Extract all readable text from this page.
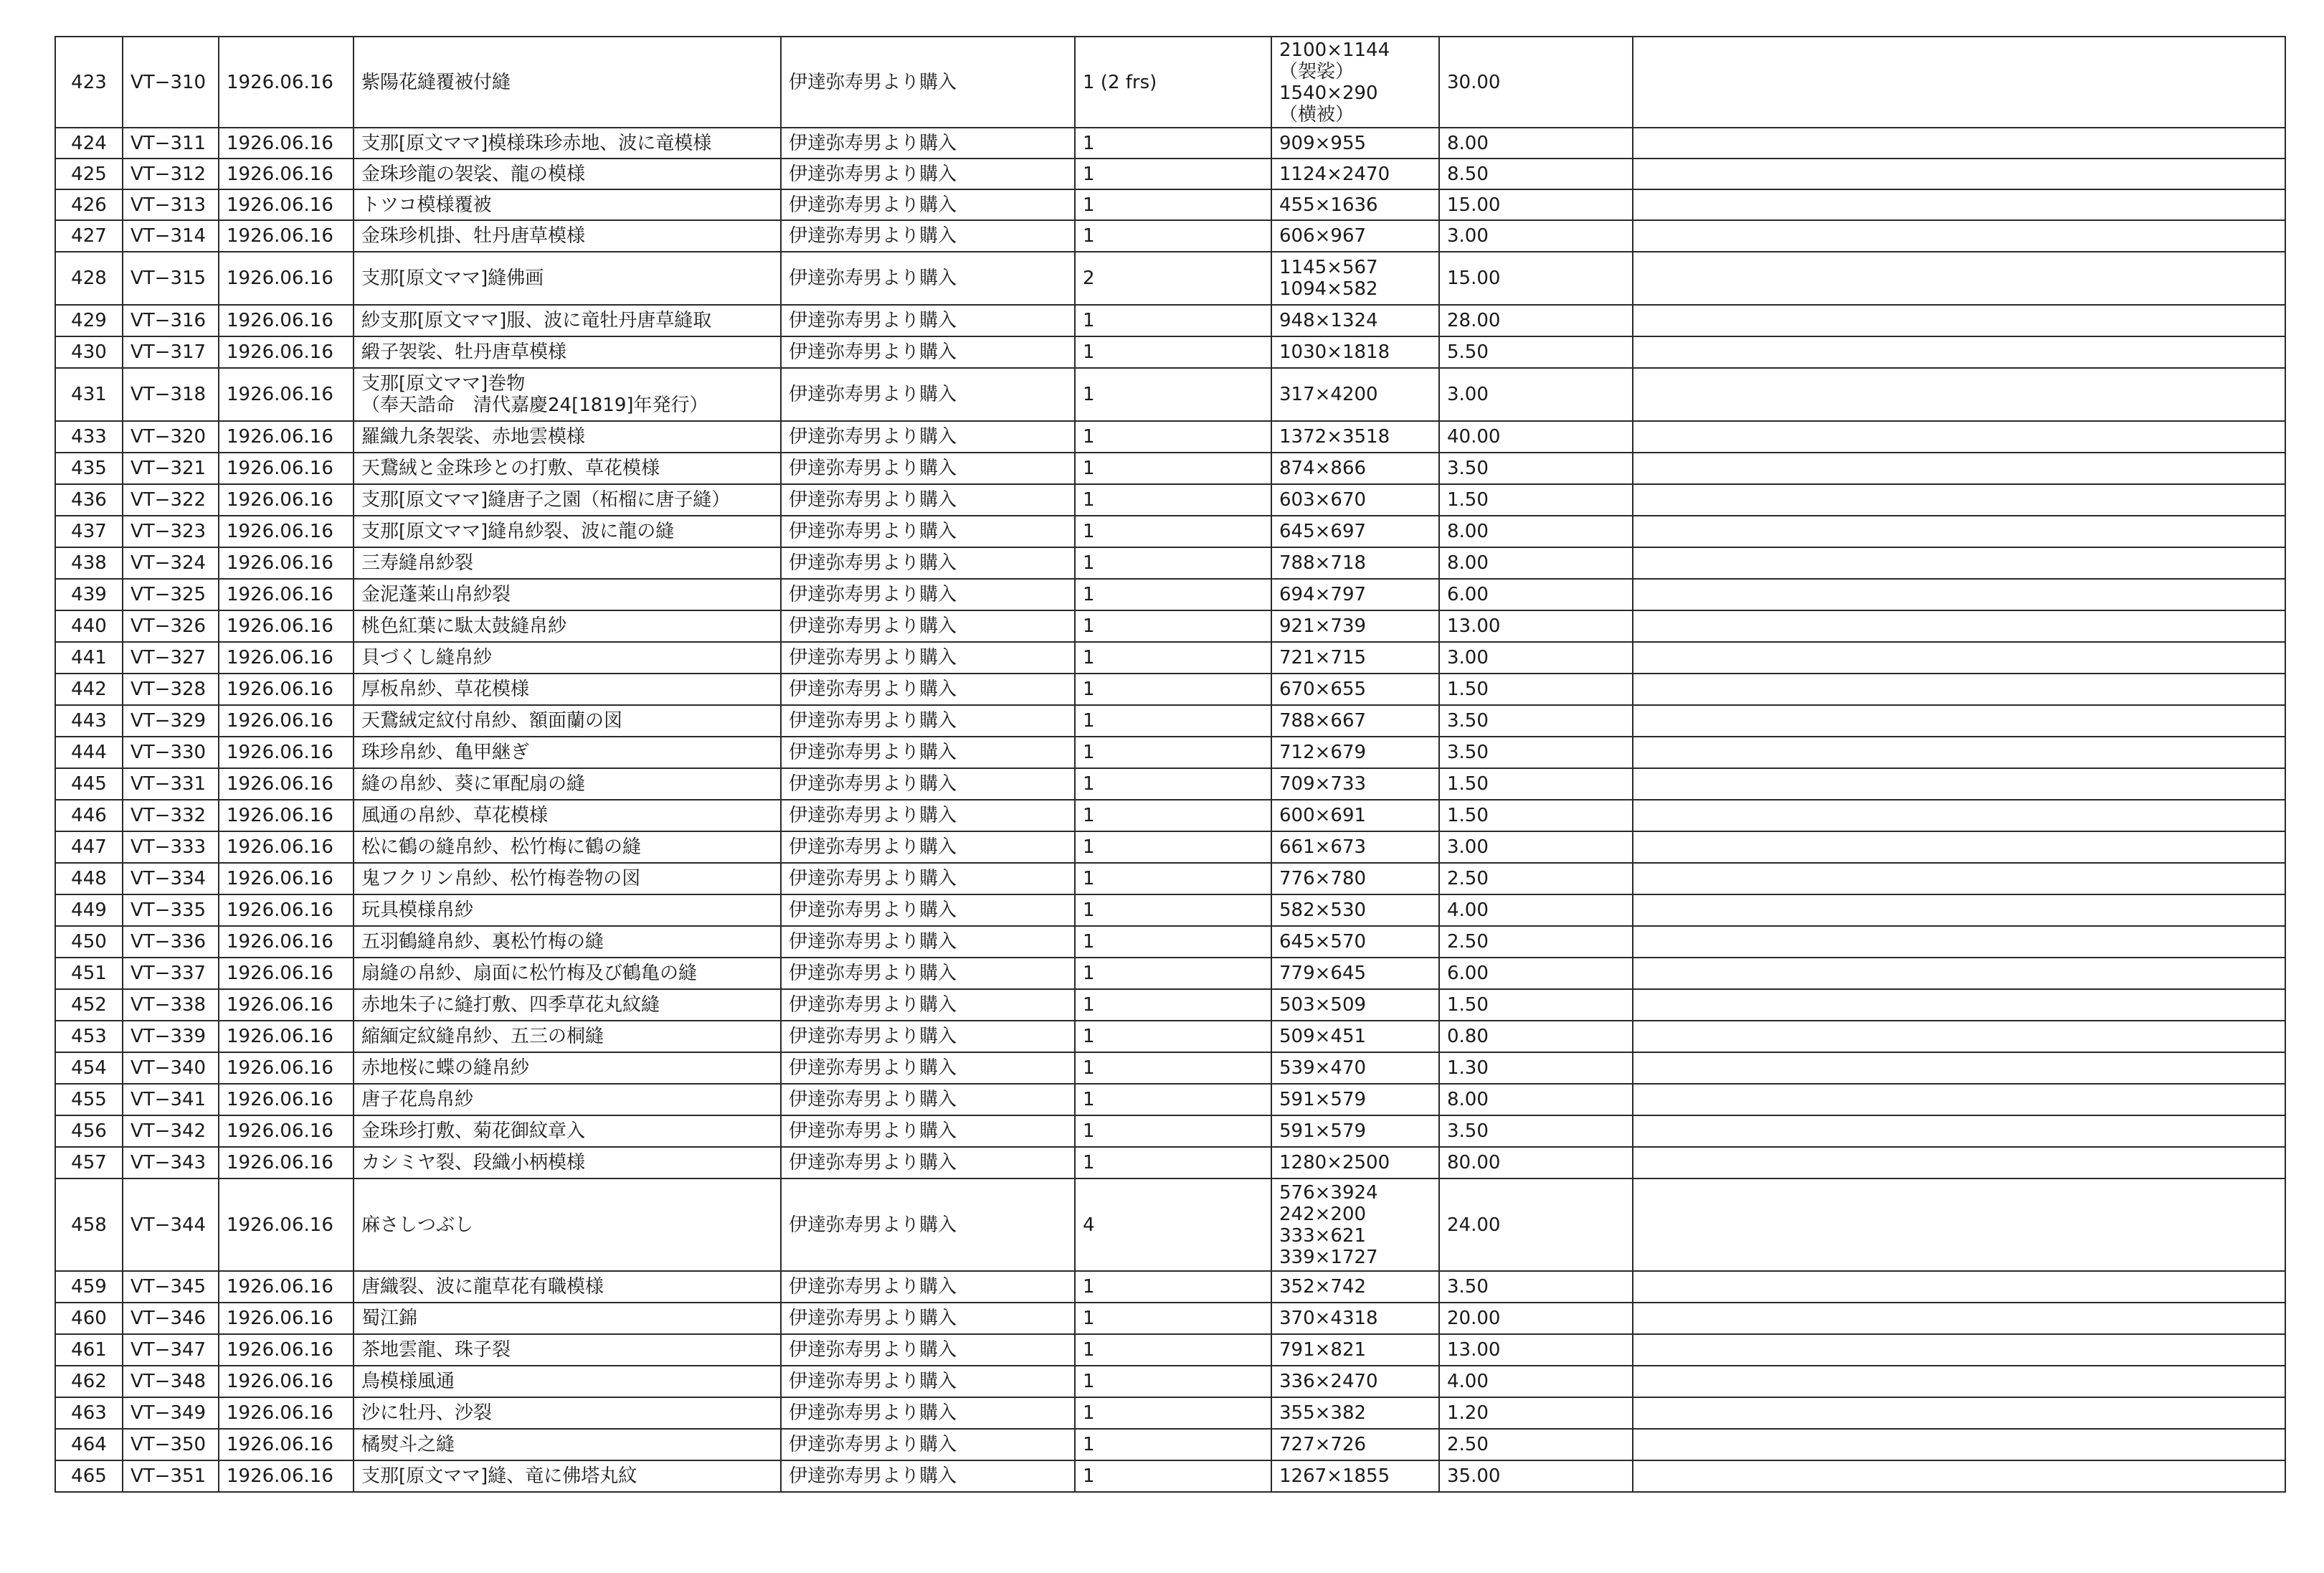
423	VT−310	1926.06.16	紫陽花縫覆被付縫	伊達弥寿男より購入	1 (2 frs)	2100×1144
（袈裟）
1540×290
（横被）	30.00	
424	VT−311	1926.06.16	支那[原文ママ]模様珠珍赤地、波に竜模様	伊達弥寿男より購入	1	909×955	8.00	
425	VT−312	1926.06.16	金珠珍龍の袈裟、龍の模様	伊達弥寿男より購入	1	1124×2470	8.50	
426	VT−313	1926.06.16	トツコ模様覆被	伊達弥寿男より購入	1	455×1636	15.00	
427	VT−314	1926.06.16	金珠珍机掛、牡丹唐草模様	伊達弥寿男より購入	1	606×967	3.00	
428	VT−315	1926.06.16	支那[原文ママ]縫佛画	伊達弥寿男より購入	2	1145×567
1094×582	15.00	
429	VT−316	1926.06.16	紗支那[原文ママ]服、波に竜牡丹唐草縫取	伊達弥寿男より購入	1	948×1324	28.00	
430	VT−317	1926.06.16	緞子袈裟、牡丹唐草模様	伊達弥寿男より購入	1	1030×1818	5.50	
431	VT−318	1926.06.16	支那[原文ママ]巻物
（奉天誥命　清代嘉慶24[1819]年発行）	伊達弥寿男より購入	1	317×4200	3.00	
433	VT−320	1926.06.16	羅織九条袈裟、赤地雲模様	伊達弥寿男より購入	1	1372×3518	40.00	
435	VT−321	1926.06.16	天鵞絨と金珠珍との打敷、草花模様	伊達弥寿男より購入	1	874×866	3.50	
436	VT−322	1926.06.16	支那[原文ママ]縫唐子之園（柘榴に唐子縫）	伊達弥寿男より購入	1	603×670	1.50	
437	VT−323	1926.06.16	支那[原文ママ]縫帛紗裂、波に龍の縫	伊達弥寿男より購入	1	645×697	8.00	
438	VT−324	1926.06.16	三寿縫帛紗裂	伊達弥寿男より購入	1	788×718	8.00	
439	VT−325	1926.06.16	金泥蓬莱山帛紗裂	伊達弥寿男より購入	1	694×797	6.00	
440	VT−326	1926.06.16	桃色紅葉に駄太鼓縫帛紗	伊達弥寿男より購入	1	921×739	13.00	
441	VT−327	1926.06.16	貝づくし縫帛紗	伊達弥寿男より購入	1	721×715	3.00	
442	VT−328	1926.06.16	厚板帛紗、草花模様	伊達弥寿男より購入	1	670×655	1.50	
443	VT−329	1926.06.16	天鵞絨定紋付帛紗、額面蘭の図	伊達弥寿男より購入	1	788×667	3.50	
444	VT−330	1926.06.16	珠珍帛紗、亀甲継ぎ	伊達弥寿男より購入	1	712×679	3.50	
445	VT−331	1926.06.16	縫の帛紗、葵に軍配扇の縫	伊達弥寿男より購入	1	709×733	1.50	
446	VT−332	1926.06.16	風通の帛紗、草花模様	伊達弥寿男より購入	1	600×691	1.50	
447	VT−333	1926.06.16	松に鶴の縫帛紗、松竹梅に鶴の縫	伊達弥寿男より購入	1	661×673	3.00	
448	VT−334	1926.06.16	鬼フクリン帛紗、松竹梅巻物の図	伊達弥寿男より購入	1	776×780	2.50	
449	VT−335	1926.06.16	玩具模様帛紗	伊達弥寿男より購入	1	582×530	4.00	
450	VT−336	1926.06.16	五羽鶴縫帛紗、裏松竹梅の縫	伊達弥寿男より購入	1	645×570	2.50	
451	VT−337	1926.06.16	扇縫の帛紗、扇面に松竹梅及び鶴亀の縫	伊達弥寿男より購入	1	779×645	6.00	
452	VT−338	1926.06.16	赤地朱子に縫打敷、四季草花丸紋縫	伊達弥寿男より購入	1	503×509	1.50	
453	VT−339	1926.06.16	縮緬定紋縫帛紗、五三の桐縫	伊達弥寿男より購入	1	509×451	0.80	
454	VT−340	1926.06.16	赤地桜に蝶の縫帛紗	伊達弥寿男より購入	1	539×470	1.30	
455	VT−341	1926.06.16	唐子花鳥帛紗	伊達弥寿男より購入	1	591×579	8.00	
456	VT−342	1926.06.16	金珠珍打敷、菊花御紋章入	伊達弥寿男より購入	1	591×579	3.50	
457	VT−343	1926.06.16	カシミヤ裂、段織小柄模様	伊達弥寿男より購入	1	1280×2500	80.00	
458	VT−344	1926.06.16	麻さしつぶし	伊達弥寿男より購入	4	576×3924
242×200
333×621
339×1727	24.00	
459	VT−345	1926.06.16	唐織裂、波に龍草花有職模様	伊達弥寿男より購入	1	352×742	3.50	
460	VT−346	1926.06.16	蜀江錦	伊達弥寿男より購入	1	370×4318	20.00	
461	VT−347	1926.06.16	茶地雲龍、珠子裂	伊達弥寿男より購入	1	791×821	13.00	
462	VT−348	1926.06.16	鳥模様風通	伊達弥寿男より購入	1	336×2470	4.00	
463	VT−349	1926.06.16	沙に牡丹、沙裂	伊達弥寿男より購入	1	355×382	1.20	
464	VT−350	1926.06.16	橘熨斗之縫	伊達弥寿男より購入	1	727×726	2.50	
465	VT−351	1926.06.16	支那[原文ママ]縫、竜に佛塔丸紋	伊達弥寿男より購入	1	1267×1855	35.00	
